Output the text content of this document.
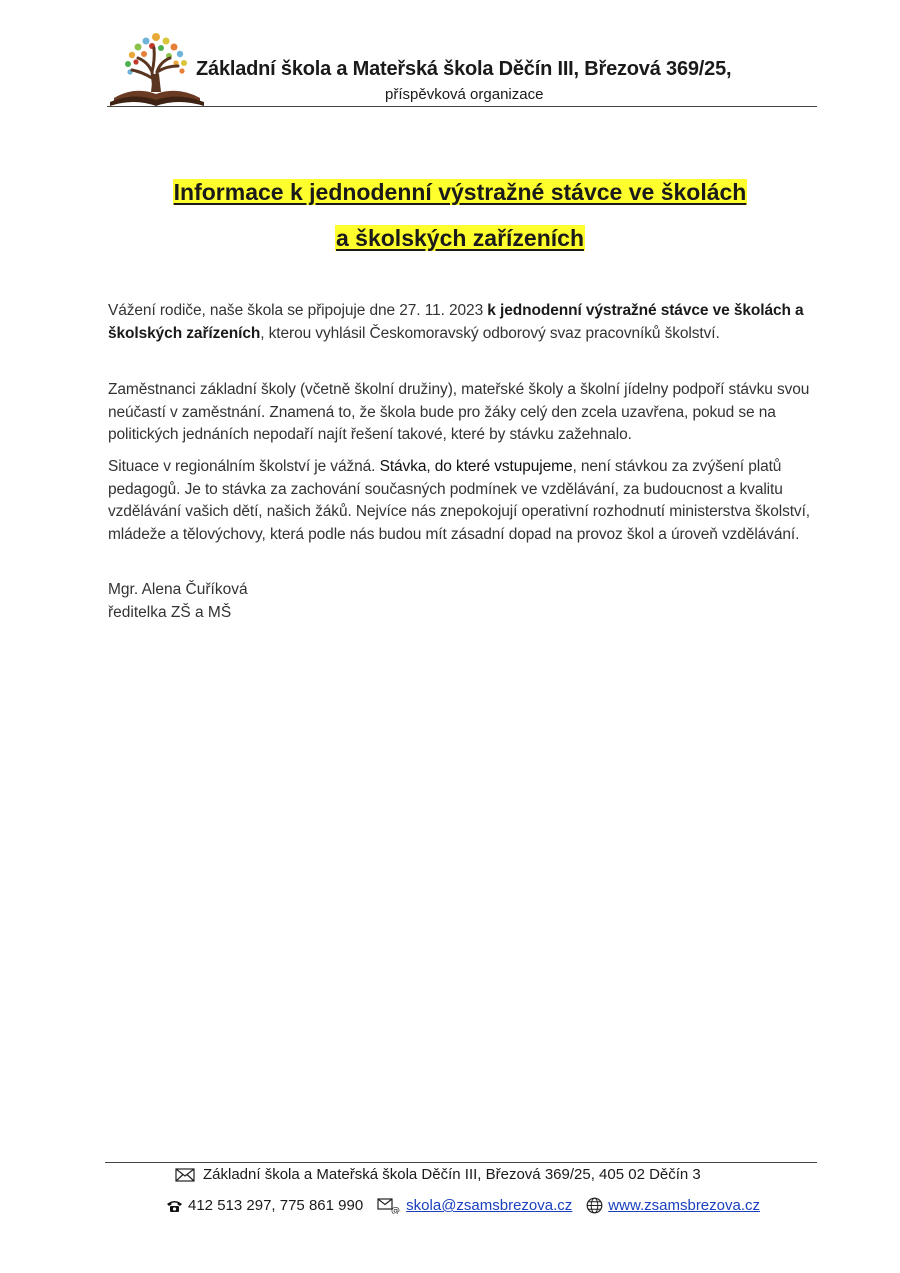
Základní škola a Mateřská škola Děčín III, Březová 369/25,
příspěvková organizace
Informace k jednodenní výstražné stávce ve školách
a školských zařízeních
Vážení rodiče, naše škola se připojuje dne 27. 11. 2023 k jednodenní výstražné stávce ve školách a školských zařízeních, kterou vyhlásil Českomoravský odborový svaz pracovníků školství.
Zaměstnanci základní školy (včetně školní družiny), mateřské školy a školní jídelny podpoří stávku svou neúčastí v zaměstnání. Znamená to, že škola bude pro žáky celý den zcela uzavřena, pokud se na politických jednáních nepodaří najít řešení takové, které by stávku zažehnalo.
Situace v regionálním školství je vážná. Stávka, do které vstupujeme, není stávkou za zvýšení platů pedagogů. Je to stávka za zachování současných podmínek ve vzdělávání, za budoucnost a kvalitu vzdělávání vašich dětí, našich žáků. Nejvíce nás znepokojují operativní rozhodnutí ministerstva školství, mládeže a tělovýchovy, která podle nás budou mít zásadní dopad na provoz škol a úroveň vzdělávání.
Mgr. Alena Čuříková
ředitelka ZŠ a MŠ
Základní škola a Mateřská škola Děčín III, Březová 369/25, 405 02 Děčín 3
412 513 297, 775 861 990	@ skola@zsamsbrezova.cz www.zsamsbrezova.cz
